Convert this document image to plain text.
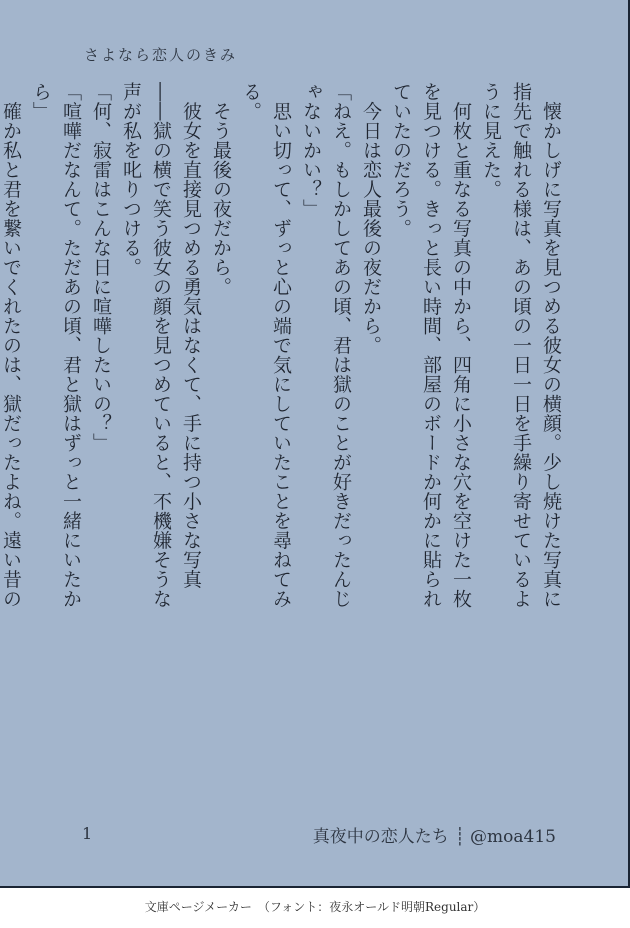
さよなら恋人のきみ

　懐かしげに写真を見つめる彼女の横顔。少し焼けた写真に指先で触れる様は、あの頃の一日一日を手繰り寄せているように見えた。

　何枚と重なる写真の中から、四角に小さな穴を空けた一枚を見つける。きっと長い時間、部屋のボードか何かに貼られていたのだろう。

　今日は恋人最後の夜だから。

「ねえ。もしかしてあの頃、君は獄のことが好きだったんじゃないかい？」

　思い切って、ずっと心の端で気にしていたことを尋ねてみる。

　そう最後の夜だから。

　彼女を直接見つめる勇気はなくて、手に持つ小さな写真――獄の横で笑う彼女の顔を見つめていると、不機嫌そうな声が私を叱りつける。

「何、寂雷はこんな日に喧嘩したいの？」

「喧嘩だなんて。ただあの頃、君と獄はずっと一緒にいたから」

　確か私と君を繋いでくれたのは、獄だったよね。遠い昔の

1	真夜中の恋人たち ┊ @moa415
文庫ページメーカー　（フォント：夜永オールド明朝Regular）
